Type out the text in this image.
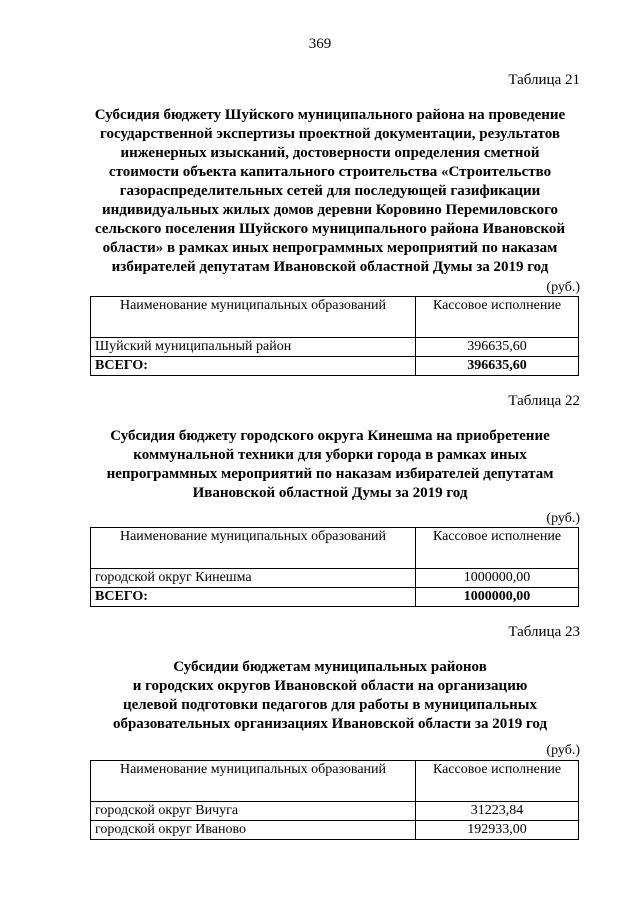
369
Таблица 21
Субсидия бюджету Шуйского муниципального района на проведение
государственной экспертизы проектной документации, результатов
инженерных изысканий, достоверности определения сметной
стоимости объекта капитального строительства «Строительство
газораспределительных сетей для последующей газификации
индивидуальных жилых домов деревни Коровино Перемиловского
сельского поселения Шуйского муниципального района Ивановской
области» в рамках иных непрограммных мероприятий по наказам
избирателей депутатам Ивановской областной Думы за 2019 год
(руб.)
Наименование муниципальных образований	Кассовое исполнение
Шуйский муниципальный район	396635,60
ВСЕГО:	396635,60
Таблица 22
Субсидия бюджету городского округа Кинешма на приобретение
коммунальной техники для уборки города в рамках иных
непрограммных мероприятий по наказам избирателей депутатам
Ивановской областной Думы за 2019 год
(руб.)
Наименование муниципальных образований	Кассовое исполнение
городской округ Кинешма	1000000,00
ВСЕГО:	1000000,00
Таблица 23
Субсидии бюджетам муниципальных районов
и городских округов Ивановской области на организацию
целевой подготовки педагогов для работы в муниципальных
образовательных организациях Ивановской области за 2019 год
(руб.)
Наименование муниципальных образований	Кассовое исполнение
городской округ Вичуга	31223,84
городской округ Иваново	192933,00
